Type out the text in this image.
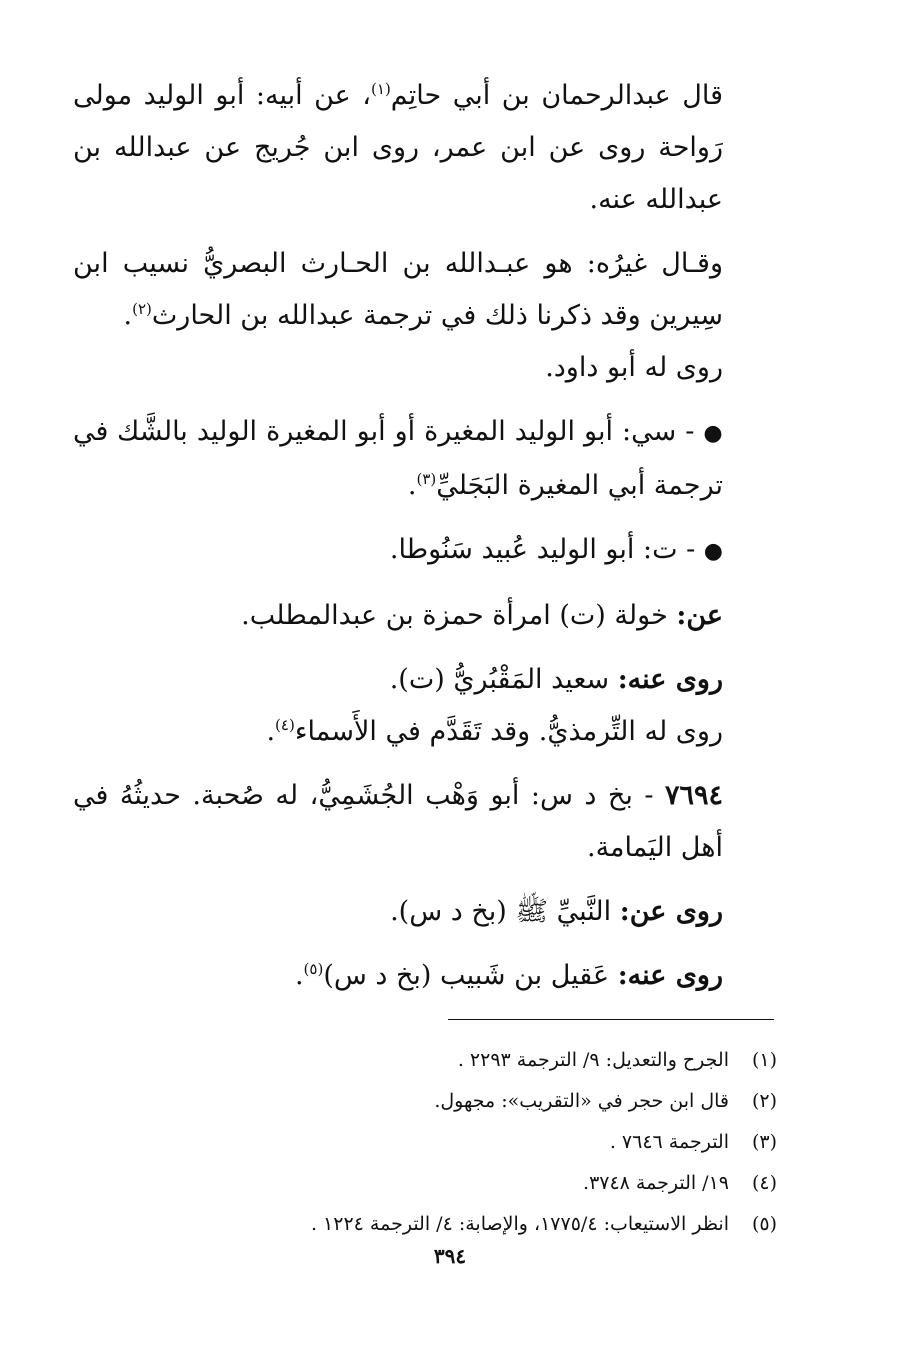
قال عبدالرحمان بن أبي حاتِم$^{(١)}$، عن أبيه: أبو الوليد مولى رَواحة روى عن ابن عمر، روى ابن جُريج عن عبدالله بن عبدالله عنه.

وقـال غيرُه: هو عبـدالله بن الحـارث البصريُّ نسيب ابن سِيرين وقد ذكرنا ذلك في ترجمة عبدالله بن الحارث$^{(٢)}$.
روى له أبو داود.

● - سي: أبو الوليد المغيرة أو أبو المغيرة الوليد بالشَّك في ترجمة أبي المغيرة البَجَليِّ$^{(٣)}$.

● - ت: أبو الوليد عُبيد سَنُوطا.

عن: خولة (ت) امرأة حمزة بن عبدالمطلب.

روى عنه: سعيد المَقْبُريُّ (ت).
روى له التِّرمذيُّ. وقد تَقَدَّم في الأَسماء$^{(٤)}$.

٧٦٩٤ - بخ د س: أبو وَهْب الجُشَمِيُّ، له صُحبة. حديثُهُ في أهل اليَمامة.

روى عن: النَّبيِّ ﷺ (بخ د س).

روى عنه: عَقيل بن شَبيب (بخ د س)$^{(٥)}$.

(١)
الجرح والتعديل: ٩/ الترجمة ٢٢٩٣ .
(٢)
قال ابن حجر في «التقريب»: مجهول.
(٣)
الترجمة ٧٦٤٦ .
(٤)
١٩/ الترجمة ٣٧٤٨.
(٥)
انظر الاستيعاب: ١٧٧٥/٤، والإصابة: ٤/ الترجمة ١٢٢٤ .
٣٩٤
